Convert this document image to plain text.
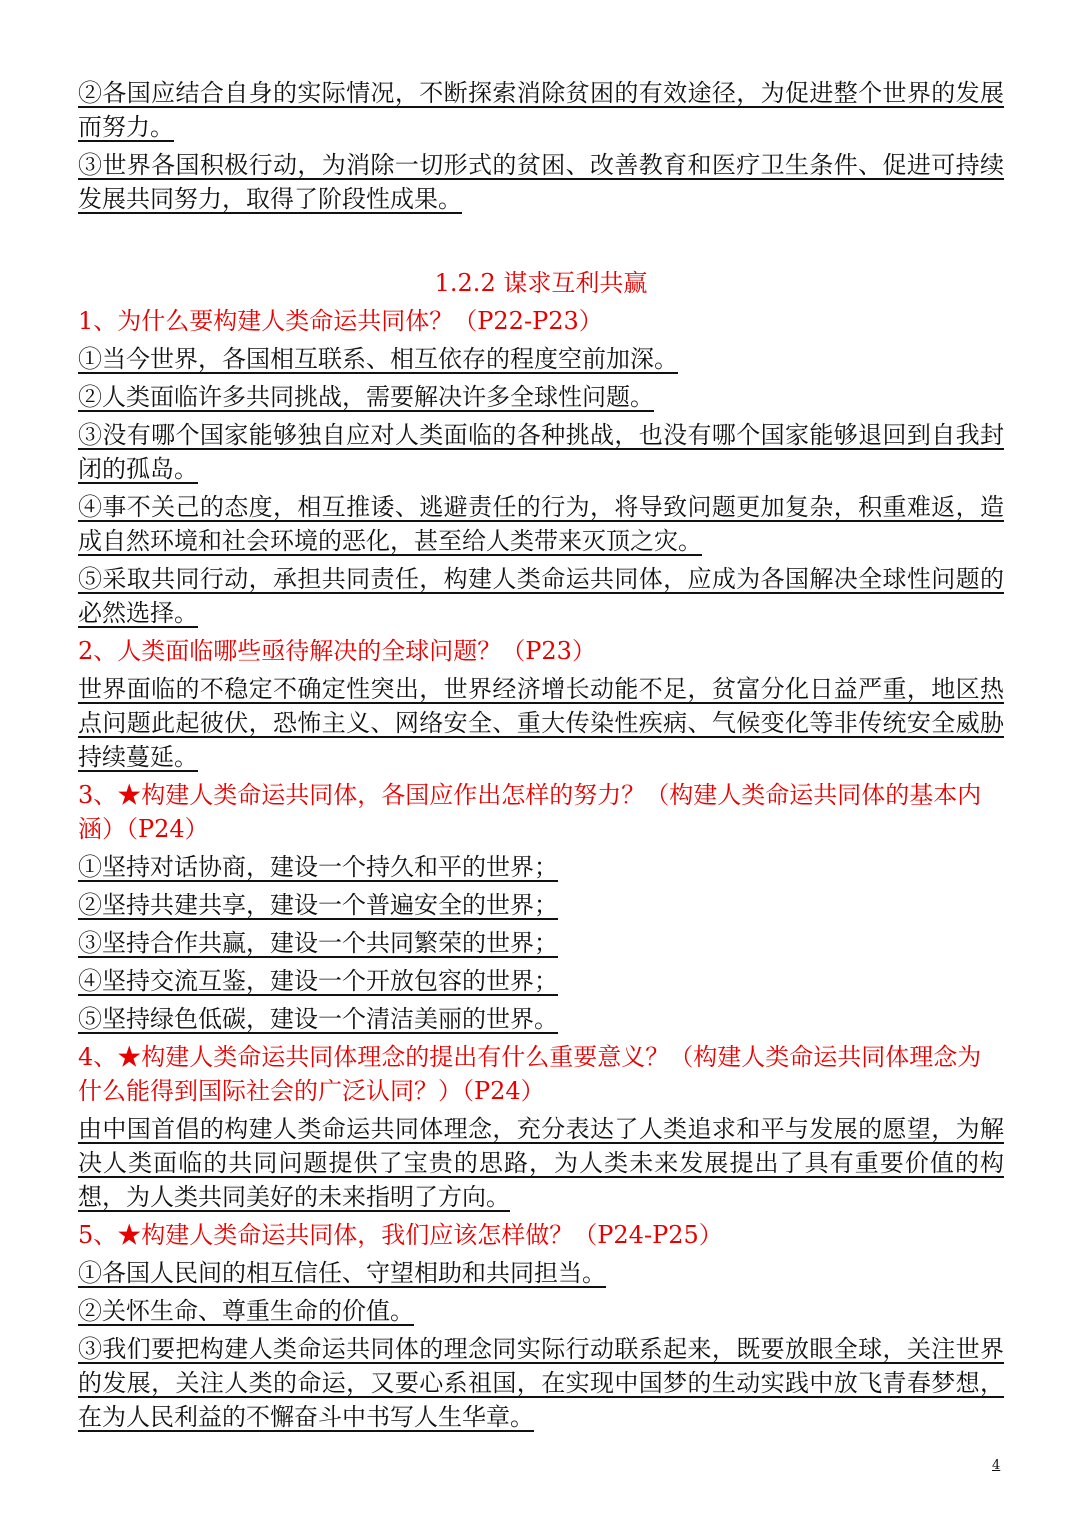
②各国应结合自身的实际情况，不断探索消除贫困的有效途径，为促进整个世界的发展而努力。

③世界各国积极行动，为消除一切形式的贫困、改善教育和医疗卫生条件、促进可持续发展共同努力，取得了阶段性成果。

1.2.2 谋求互利共赢
1、为什么要构建人类命运共同体？（P22-P23）

①当今世界，各国相互联系、相互依存的程度空前加深。

②人类面临许多共同挑战，需要解决许多全球性问题。

③没有哪个国家能够独自应对人类面临的各种挑战，也没有哪个国家能够退回到自我封闭的孤岛。

④事不关己的态度，相互推诿、逃避责任的行为，将导致问题更加复杂，积重难返，造成自然环境和社会环境的恶化，甚至给人类带来灭顶之灾。

⑤采取共同行动，承担共同责任，构建人类命运共同体，应成为各国解决全球性问题的必然选择。

2、人类面临哪些亟待解决的全球问题？（P23）

世界面临的不稳定不确定性突出，世界经济增长动能不足，贫富分化日益严重，地区热点问题此起彼伏，恐怖主义、网络安全、重大传染性疾病、气候变化等非传统安全威胁持续蔓延。

3、★构建人类命运共同体，各国应作出怎样的努力？（构建人类命运共同体的基本内涵）（P24）

①坚持对话协商，建设一个持久和平的世界；

②坚持共建共享，建设一个普遍安全的世界；

③坚持合作共赢，建设一个共同繁荣的世界；

④坚持交流互鉴，建设一个开放包容的世界；

⑤坚持绿色低碳，建设一个清洁美丽的世界。

4、★构建人类命运共同体理念的提出有什么重要意义？（构建人类命运共同体理念为什么能得到国际社会的广泛认同？）（P24）

由中国首倡的构建人类命运共同体理念，充分表达了人类追求和平与发展的愿望，为解决人类面临的共同问题提供了宝贵的思路，为人类未来发展提出了具有重要价值的构想，为人类共同美好的未来指明了方向。

5、★构建人类命运共同体，我们应该怎样做？（P24-P25）

①各国人民间的相互信任、守望相助和共同担当。

②关怀生命、尊重生命的价值。

③我们要把构建人类命运共同体的理念同实际行动联系起来，既要放眼全球，关注世界的发展，关注人类的命运，又要心系祖国，在实现中国梦的生动实践中放飞青春梦想，在为人民利益的不懈奋斗中书写人生华章。

4
